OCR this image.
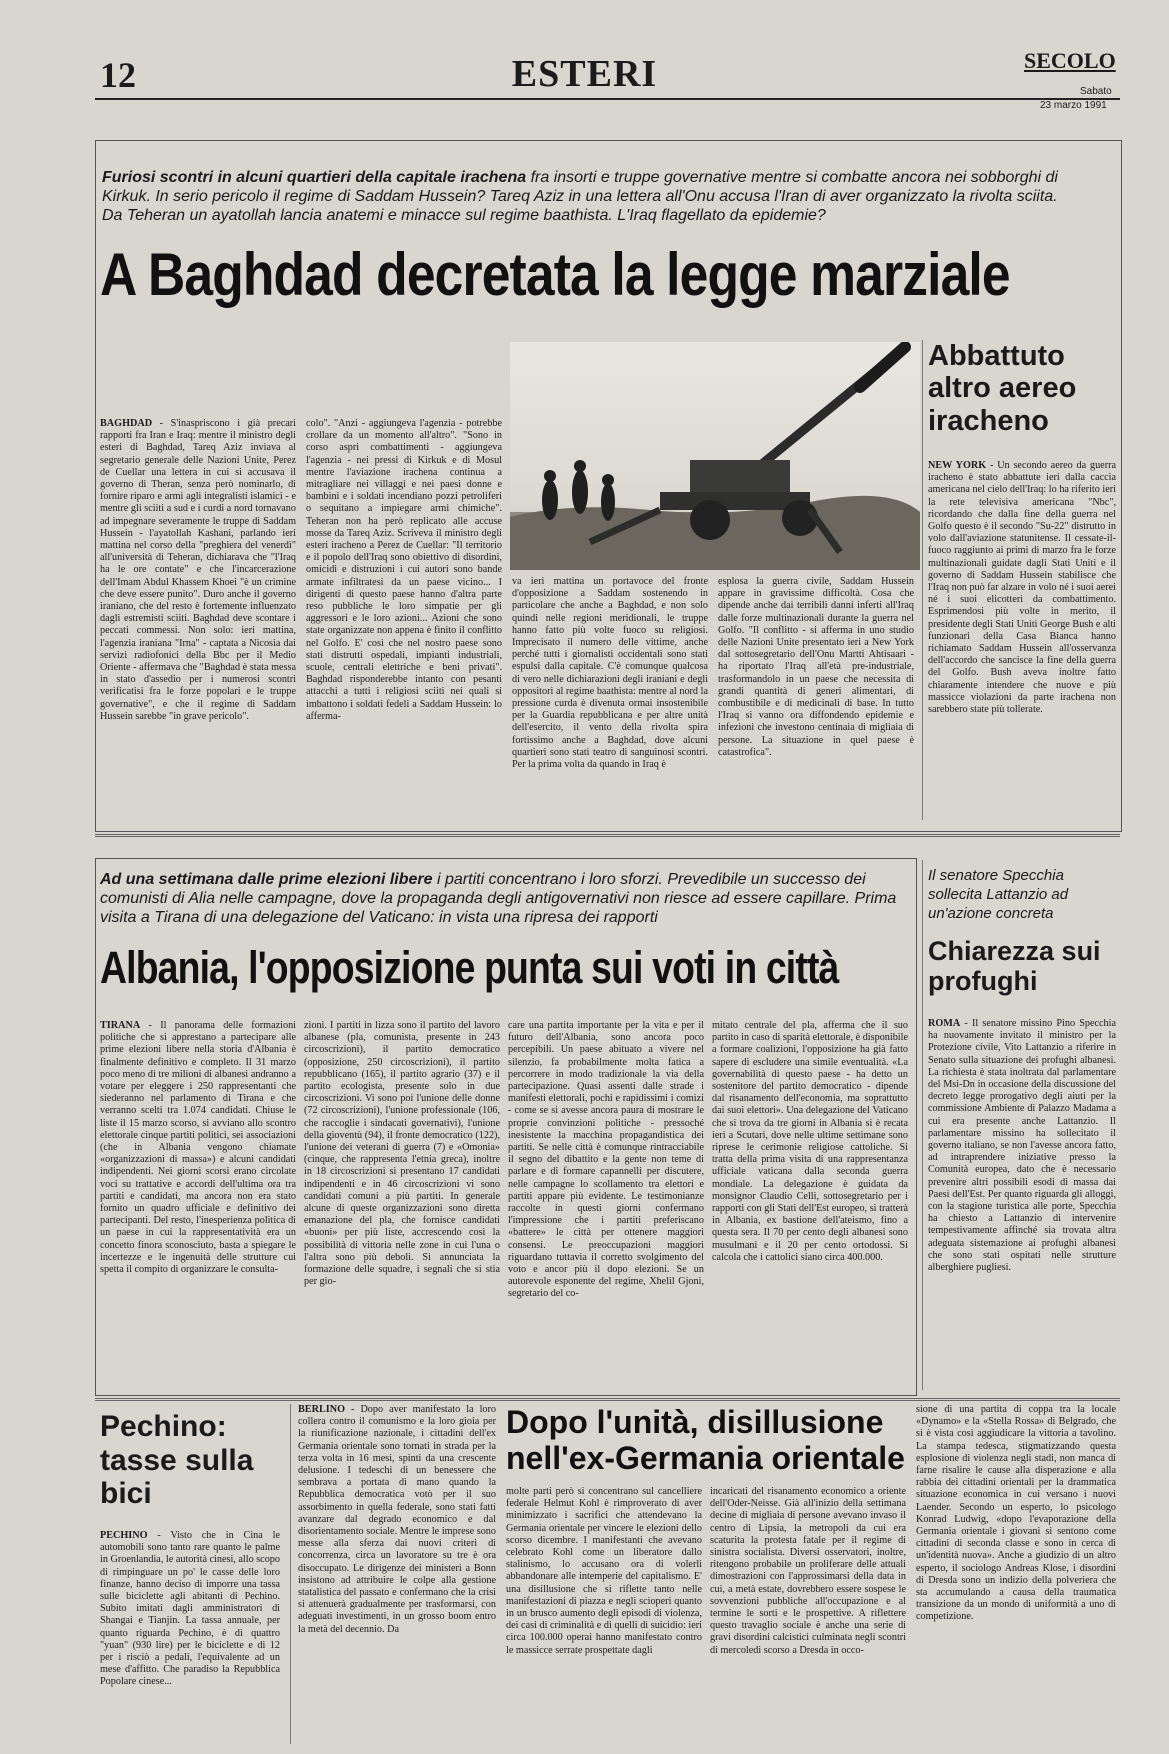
12	ESTERI	SECOLO
Sabato
23 marzo 1991
Furiosi scontri in alcuni quartieri della capitale irachena fra insorti e truppe governative mentre si combatte ancora nei sobborghi di Kirkuk. In serio pericolo il regime di Saddam Hussein? Tareq Aziz in una lettera all'Onu accusa l'Iran di aver organizzato la rivolta sciita. Da Teheran un ayatollah lancia anatemi e minacce sul regime baathista. L'Iraq flagellato da epidemie?
A Baghdad decretata la legge marziale
BAGHDAD - S'inaspriscono i già precari rapporti fra Iran e Iraq: mentre il ministro degli esteri di Baghdad, Tareq Aziz inviava al segretario generale delle Nazioni Unite, Perez de Cuellar una lettera in cui si accusava il governo di Theran, senza però nominarlo, di fornire riparo e armi agli integralisti islamici - e mentre gli sciiti a sud e i curdi a nord tornavano ad impegnare severamente le truppe di Saddam Hussein - l'ayatollah Kashani, parlando ieri mattina nel corso della "preghiera del venerdì" all'università di Teheran, dichiarava che "l'Iraq ha le ore contate" e che l'incarcerazione dell'Imam Abdul Khassem Khoei "è un crimine che deve essere punito". Duro anche il governo iraniano, che del resto è fortemente influenzato dagli estremisti sciiti. Baghdad deve scontare i peccati commessi. Non solo: ieri mattina, l'agenzia iraniana "Irna" - captata a Nicosia dai servizi radiofonici della Bbc per il Medio Oriente - affermava che "Baghdad è stata messa in stato d'assedio per i numerosi scontri verificatisi fra le forze popolari e le truppe governative", e che il regime di Saddam Hussein sarebbe "in grave pericolo".
colo". "Anzi - aggiungeva l'agenzia - potrebbe crollare da un momento all'altro". "Sono in corso aspri combattimenti - aggiungeva l'agenzia - nei pressi di Kirkuk e di Mosul mentre l'aviazione irachena continua a mitragliare nei villaggi e nei paesi donne e bambini e i soldati incendiano pozzi petroliferi o sequitano a impiegare armi chimiche". Teheran non ha però replicato alle accuse mosse da Tareq Aziz. Scriveva il ministro degli esteri iracheno a Perez de Cuellar: "Il territorio e il popolo dell'Iraq sono obiettivo di disordini, omicidi e distruzioni i cui autori sono bande armate infiltratesi da un paese vicino... I dirigenti di questo paese hanno d'altra parte reso pubbliche le loro simpatie per gli aggressori e le loro azioni... Azioni che sono state organizzate non appena è finito il conflitto nel Golfo. E' così che nel nostro paese sono stati distrutti ospedali, impianti industriali, scuole, centrali elettriche e beni privati". Baghdad risponderebbe intanto con pesanti attacchi a tutti i religiosi sciiti nei quali si imbattono i soldati fedeli a Saddam Hussein: lo afferma-
va ieri mattina un portavoce del fronte d'opposizione a Saddam sostenendo in particolare che anche a Baghdad, e non solo quindi nelle regioni meridionali, le truppe hanno fatto più volte fuoco su religiosi. Imprecisato il numero delle vittime, anche perché tutti i giornalisti occidentali sono stati espulsi dalla capitale. C'è comunque qualcosa di vero nelle dichiarazioni degli iraniani e degli oppositori al regime baathista: mentre al nord la pressione curda è divenuta ormai insostenibile per la Guardia repubblicana e per altre unità dell'esercito, il vento della rivolta spira fortissimo anche a Baghdad, dove alcuni quartieri sono stati teatro di sanguinosi scontri. Per la prima volta da quando in Iraq è
esplosa la guerra civile, Saddam Hussein appare in gravissime difficoltà. Cosa che dipende anche dai terribili danni inferti all'Iraq dalle forze multinazionali durante la guerra nel Golfo. "Il conflitto - si afferma in uno studio delle Nazioni Unite presentato ieri a New York dal sottosegretario dell'Onu Martti Ahtisaari - ha riportato l'Iraq all'età pre-industriale, trasformandolo in un paese che necessita di grandi quantità di generi alimentari, di combustibile e di medicinali di base. In tutto l'Iraq si vanno ora diffondendo epidemie e infezioni che investono centinaia di migliaia di persone. La situazione in quel paese è catastrofica".
Abbattuto altro aereo iracheno
NEW YORK - Un secondo aereo da guerra iracheno è stato abbattute ieri dalla caccia americana nel cielo dell'Iraq: lo ha riferito ieri la rete televisiva americana "Nbc", ricordando che dalla fine della guerra nel Golfo questo è il secondo "Su-22" distrutto in volo dall'aviazione statunitense. Il cessate-il-fuoco raggiunto ai primi di marzo fra le forze multinazionali guidate dagli Stati Uniti e il governo di Saddam Hussein stabilisce che l'Iraq non può far alzare in volo né i suoi aerei né i suoi elicotteri da combattimento. Esprimendosi più volte in merito, il presidente degli Stati Uniti George Bush e alti funzionari della Casa Bianca hanno richiamato Saddam Hussein all'osservanza dell'accordo che sancisce la fine della guerra del Golfo. Bush aveva inoltre fatto chiaramente intendere che nuove e più massicce violazioni da parte irachena non sarebbero state più tollerate.
Ad una settimana dalle prime elezioni libere i partiti concentrano i loro sforzi. Prevedibile un successo dei comunisti di Alia nelle campagne, dove la propaganda degli antigovernativi non riesce ad essere capillare. Prima visita a Tirana di una delegazione del Vaticano: in vista una ripresa dei rapporti
Albania, l'opposizione punta sui voti in città
TIRANA - Il panorama delle formazioni politiche che si apprestano a partecipare alle prime elezioni libere nella storia d'Albania è finalmente definitivo e completo. Il 31 marzo poco meno di tre milioni di albanesi andranno a votare per eleggere i 250 rappresentanti che siederanno nel parlamento di Tirana e che verranno scelti tra 1.074 candidati. Chiuse le liste il 15 marzo scorso, si avviano allo scontro elettorale cinque partiti politici, sei associazioni (che in Albania vengono chiamate «organizzazioni di massa») e alcuni candidati indipendenti. Nei giorni scorsi erano circolate voci su trattative e accordi dell'ultima ora tra partiti e candidati, ma ancora non era stato fornito un quadro ufficiale e definitivo dei partecipanti. Del resto, l'inesperienza politica di un paese in cui la rappresentatività era un concetto finora sconosciuto, basta a spiegare le incertezze e le ingenuità delle strutture cui spetta il compito di organizzare le consulta-
zioni. I partiti in lizza sono il partito del lavoro albanese (pla, comunista, presente in 243 circoscrizioni), il partito democratico (opposizione, 250 circoscrizioni), il partito repubblicano (165), il partito agrario (37) e il partito ecologista, presente solo in due circoscrizioni. Vi sono poi l'unione delle donne (72 circoscrizioni), l'unione professionale (106, che raccoglie i sindacati governativi), l'unione della gioventù (94), il fronte democratico (122), l'unione dei veterani di guerra (7) e «Omonia» (cinque, che rappresenta l'etnia greca), inoltre in 18 circoscrizioni si presentano 17 candidati indipendenti e in 46 circoscrizioni vi sono candidati comuni a più partiti. In generale alcune di queste organizzazioni sono diretta emanazione del pla, che fornisce candidati «buoni» per più liste, accrescendo così la possibilità di vittoria nelle zone in cui l'una o l'altra sono più deboli. Si annunciata la formazione delle squadre, i segnali che si stia per gio-
care una partita importante per la vita e per il futuro dell'Albania, sono ancora poco percepibili. Un paese abituato a vivere nel silenzio, fa probabilmente molta fatica a percorrere in modo tradizionale la via della partecipazione. Quasi assenti dalle strade i manifesti elettorali, pochi e rapidissimi i comizi - come se si avesse ancora paura di mostrare le proprie convinzioni politiche - pressoché inesistente la macchina propagandistica dei partiti. Se nelle città è comunque rintracciabile il segno del dibattito e la gente non teme di parlare e di formare capannelli per discutere, nelle campagne lo scollamento tra elettori e partiti appare più evidente. Le testimonianze raccolte in questi giorni confermano l'impressione che i partiti preferiscano «battere» le città per ottenere maggiori consensi. Le preoccupazioni maggiori riguardano tuttavia il corretto svolgimento del voto e ancor più il dopo elezioni. Se un autorevole esponente del regime, Xhelil Gjoni, segretario del co-
mitato centrale del pla, afferma che il suo partito in caso di sparità elettorale, è disponibile a formare coalizioni, l'opposizione ha già fatto sapere di escludere una simile eventualità. «La governabilità di questo paese - ha detto un sostenitore del partito democratico - dipende dal risanamento dell'economia, ma soprattutto dai suoi elettori». Una delegazione del Vaticano che si trova da tre giorni in Albania si è recata ieri a Scutari, dove nelle ultime settimane sono riprese le cerimonie religiose cattoliche. Si tratta della prima visita di una rappresentanza ufficiale vaticana dalla seconda guerra mondiale. La delegazione è guidata da monsignor Claudio Celli, sottosegretario per i rapporti con gli Stati dell'Est europeo, si tratterà in Albania, ex bastione dell'ateismo, fino a questa sera. Il 70 per cento degli albanesi sono musulmani e il 20 per cento ortodossi. Si calcola che i cattolici siano circa 400.000.
Il senatore Specchia sollecita Lattanzio ad un'azione concreta
Chiarezza sui profughi
ROMA - Il senatore missino Pino Specchia ha nuovamente invitato il ministro per la Protezione civile, Vito Lattanzio a riferire in Senato sulla situazione dei profughi albanesi. La richiesta è stata inoltrata dal parlamentare del Msi-Dn in occasione della discussione del decreto legge prorogativo degli aiuti per la commissione Ambiente di Palazzo Madama a cui era presente anche Lattanzio. Il parlamentare missino ha sollecitato il governo italiano, se non l'avesse ancora fatto, ad intraprendere iniziative presso la Comunità europea, dato che è necessario prevenire altri possibili esodi di massa dai Paesi dell'Est. Per quanto riguarda gli alloggi, con la stagione turistica alle porte, Specchia ha chiesto a Lattanzio di intervenire tempestivamente affinché sia trovata altra adeguata sistemazione ai profughi albanesi che sono stati ospitati nelle strutture alberghiere pugliesi.
Pechino: tasse sulla bici
PECHINO - Visto che in Cina le automobili sono tanto rare quanto le palme in Groenlandia, le autorità cinesi, allo scopo di rimpinguare un po' le casse delle loro finanze, hanno deciso di imporre una tassa sulle biciclette agli abitanti di Pechino. Subito imitati dagli amministratori di Shangai e Tianjin. La tassa annuale, per quanto riguarda Pechino, è di quattro "yuan" (930 lire) per le biciclette e di 12 per i risciò a pedali, l'equivalente ad un mese d'affitto. Che paradiso la Repubblica Popolare cinese...
BERLINO - Dopo aver manifestato la loro collera contro il comunismo e la loro gioia per la riunificazione nazionale, i cittadini dell'ex Germania orientale sono tornati in strada per la terza volta in 16 mesi, spinti da una crescente delusione. I tedeschi di un benessere che sembrava a portata di mano quando la Repubblica democratica votò per il suo assorbimento in quella federale, sono stati fatti avanzare dal degrado economico e dal disorientamento sociale. Mentre le imprese sono messe alla sferza dai nuovi criteri di concorrenza, circa un lavoratore su tre è ora disoccupato. Le dirigenze dei ministeri a Bonn insistono ad attribuire le colpe alla gestione statalistica del passato e confermano che la crisi si attenuerà gradualmente per trasformarsi, con adeguati investimenti, in un grosso boom entro la metà del decennio. Da
Dopo l'unità, disillusione nell'ex-Germania orientale
molte parti però si concentrano sul cancelliere federale Helmut Kohl è rimproverato di aver minimizzato i sacrifici che attendevano la Germania orientale per vincere le elezioni dello scorso dicembre. I manifestanti che avevano celebrato Kohl come un liberatore dallo stalinismo, lo accusano ora di volerli abbandonare alle intemperie del capitalismo. E' una disillusione che si riflette tanto nelle manifestazioni di piazza e negli scioperi quanto in un brusco aumento degli episodi di violenza, dei casi di criminalità e di quelli di suicidio: ieri circa 100.000 operai hanno manifestato contro le massicce serrate prospettate dagli
incaricati del risanamento economico a oriente dell'Oder-Neisse. Già all'inizio della settimana decine di migliaia di persone avevano invaso il centro di Lipsia, la metropoli da cui era scaturita la protesta fatale per il regime di sinistra socialista. Diversi osservatori, inoltre, ritengono probabile un proliferare delle attuali dimostrazioni con l'approssimarsi della data in cui, a metà estate, dovrebbero essere sospese le sovvenzioni pubbliche all'occupazione e al termine le sorti e le prospettive. A rifletterе questo travaglio sociale è anche una serie di gravi disordini calcistici culminata negli scontri di mercoledì scorso a Dresda in occo-
sione di una partita di coppa tra la locale «Dynamo» e la «Stella Rossa» di Belgrado, che si è vista così aggiudicare la vittoria a tavolino. La stampa tedesca, stigmatizzando questa esplosione di violenza negli stadi, non manca di farne risalire le cause alla disperazione e alla rabbia dei cittadini orientali per la drammatica situazione economica in cui versano i nuovi Laender. Secondo un esperto, lo psicologo Konrad Ludwig, «dopo l'evaporazione della Germania orientale i giovani si sentono come cittadini di seconda classe e sono in cerca di un'identità nuova». Anche a giudizio di un altro esperto, il sociologo Andreas Klose, i disordini di Dresda sono un indizio della polveriera che sta accumulando a causa della traumatica transizione da un mondo di uniformità a uno di competizione.
